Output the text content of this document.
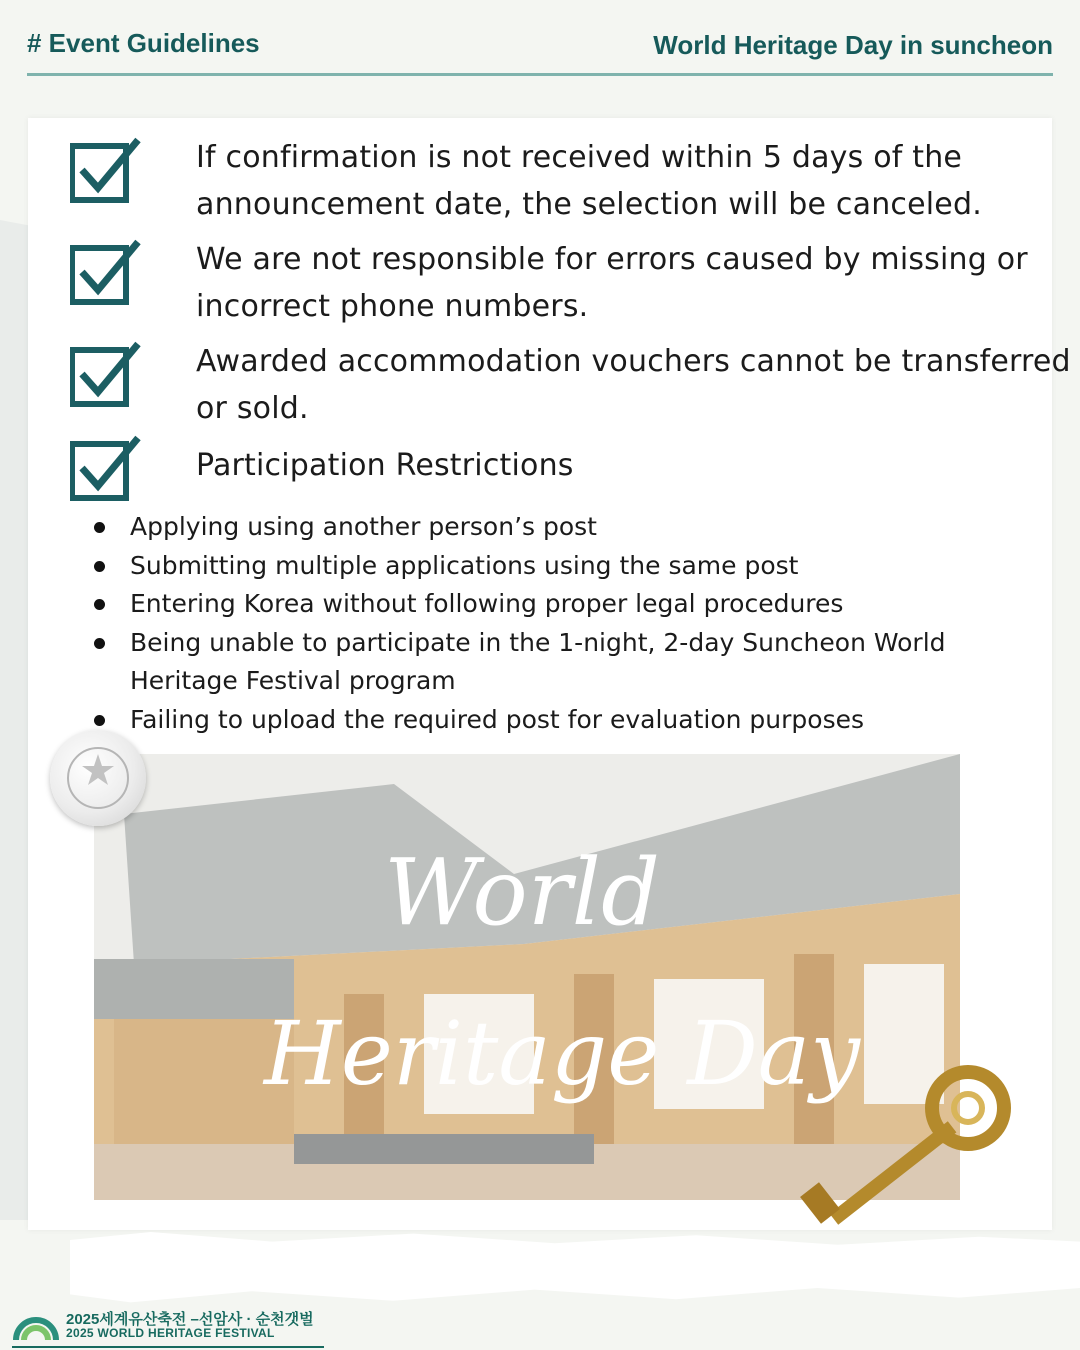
# Event Guidelines	World Heritage Day in suncheon
If confirmation is not received within 5 days of the announcement date, the selection will be canceled.
We are not responsible for errors caused by missing or incorrect phone numbers.
Awarded accommodation vouchers cannot be transferred or sold.
Participation Restrictions
Applying using another person’s post
Submitting multiple applications using the same post
Entering Korea without following proper legal procedures
Being unable to participate in the 1-night, 2-day Suncheon World Heritage Festival program
Failing to upload the required post for evaluation purposes
World
Heritage Day
2025세계유산축전 –선암사 · 순천갯벌
2025 WORLD HERITAGE FESTIVAL
